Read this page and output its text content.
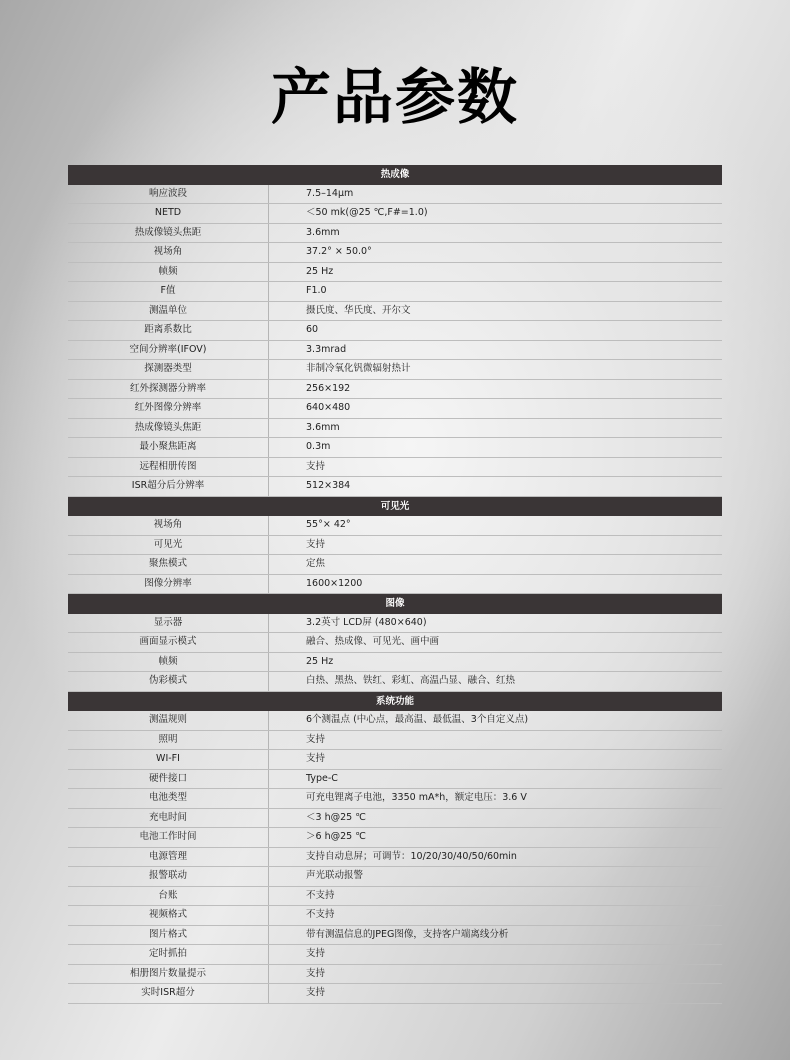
产品参数
热成像
响应波段	7.5–14μm
NETD	＜50 mk(@25 ℃,F#=1.0)
热成像镜头焦距	3.6mm
视场角	37.2° × 50.0°
帧频	25 Hz
F值	F1.0
测温单位	摄氏度、华氏度、开尔文
距离系数比	60
空间分辨率(IFOV)	3.3mrad
探测器类型	非制冷氧化钒微辐射热计
红外探测器分辨率	256×192
红外图像分辨率	640×480
热成像镜头焦距	3.6mm
最小聚焦距离	0.3m
远程相册传图	支持
ISR超分后分辨率	512×384
可见光
视场角	55°× 42°
可见光	支持
聚焦模式	定焦
图像分辨率	1600×1200
图像
显示器	3.2英寸 LCD屏 (480×640)
画面显示模式	融合、热成像、可见光、画中画
帧频	25 Hz
伪彩模式	白热、黑热、铁红、彩虹、高温凸显、融合、红热
系统功能
测温规则	6个测温点 (中心点，最高温、最低温、3个自定义点)
照明	支持
WI-FI	支持
硬件接口	Type-C
电池类型	可充电锂离子电池，3350 mA*h，额定电压：3.6 V
充电时间	＜3 h@25 ℃
电池工作时间	＞6 h@25 ℃
电源管理	支持自动息屏；可调节：10/20/30/40/50/60min
报警联动	声光联动报警
台账	不支持
视频格式	不支持
图片格式	带有测温信息的JPEG图像，支持客户端离线分析
定时抓拍	支持
相册图片数量提示	支持
实时ISR超分	支持
